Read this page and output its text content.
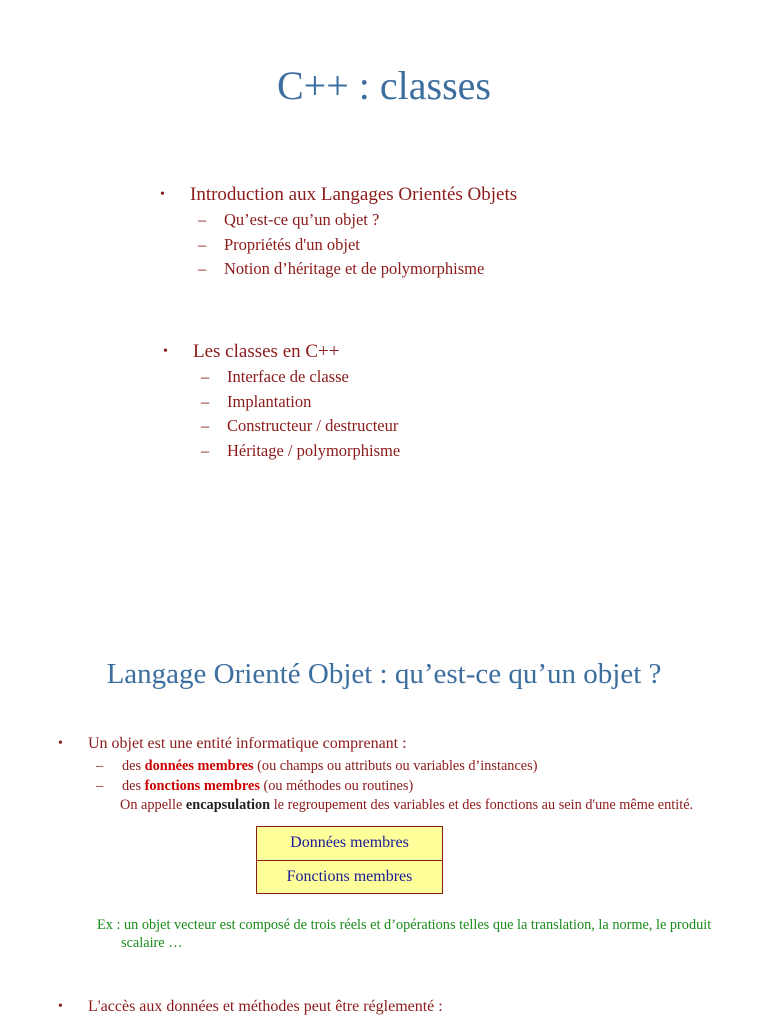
C++ : classes
•	Introduction aux Langages Orientés Objets
–	Qu’est-ce qu’un objet ?
–	Propriétés d'un objet
–	Notion d’héritage et de polymorphisme
•	Les classes en C++
–	Interface de classe
–	Implantation
–	Constructeur / destructeur
–	Héritage / polymorphisme
Langage Orienté Objet : qu’est-ce qu’un objet ?
•	Un objet est une entité informatique comprenant :
–	des données membres (ou champs ou attributs ou variables d’instances)
–	des fonctions membres (ou méthodes ou routines)
On appelle encapsulation le regroupement des variables et des fonctions au sein d'une même entité.
Données membres
Fonctions membres
Ex : un objet vecteur est composé de trois réels et d’opérations telles que la translation, la norme, le produit scalaire …
•	L'accès aux données et méthodes peut être réglementé :
